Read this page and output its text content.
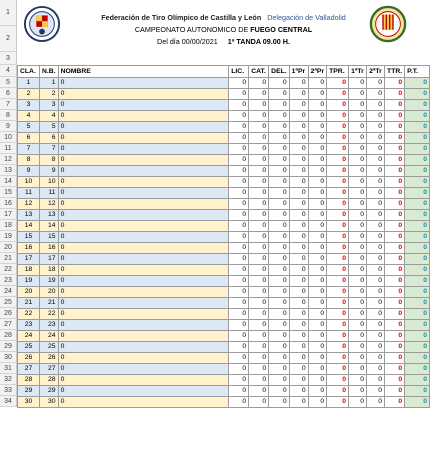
1
2
3
4
5
6
7
8
9
10
11
12
13
14
15
16
17
18
19
20
21
22
23
24
25
26
27
28
29
30
31
32
33
34
Federación de Tiro Olímpico de Castilla y León Delegación de Valladolid
CAMPEONATO AUTONOMICO DE FUEGO CENTRAL
Del día 00/00/2021 1ª TANDA 09.00 H.
CLA.	N.B.	NOMBRE	LIC.	CAT.	DEL.	1ªPr	2ªPr	TPR.	1ªTr	2ªTr	TTR.	P.T.
1	1	0	0	0	0	0	0	0	0	0	0	0
2	2	0	0	0	0	0	0	0	0	0	0	0
3	3	0	0	0	0	0	0	0	0	0	0	0
4	4	0	0	0	0	0	0	0	0	0	0	0
5	5	0	0	0	0	0	0	0	0	0	0	0
6	6	0	0	0	0	0	0	0	0	0	0	0
7	7	0	0	0	0	0	0	0	0	0	0	0
8	8	0	0	0	0	0	0	0	0	0	0	0
9	9	0	0	0	0	0	0	0	0	0	0	0
10	10	0	0	0	0	0	0	0	0	0	0	0
11	11	0	0	0	0	0	0	0	0	0	0	0
12	12	0	0	0	0	0	0	0	0	0	0	0
13	13	0	0	0	0	0	0	0	0	0	0	0
14	14	0	0	0	0	0	0	0	0	0	0	0
15	15	0	0	0	0	0	0	0	0	0	0	0
16	16	0	0	0	0	0	0	0	0	0	0	0
17	17	0	0	0	0	0	0	0	0	0	0	0
18	18	0	0	0	0	0	0	0	0	0	0	0
19	19	0	0	0	0	0	0	0	0	0	0	0
20	20	0	0	0	0	0	0	0	0	0	0	0
21	21	0	0	0	0	0	0	0	0	0	0	0
22	22	0	0	0	0	0	0	0	0	0	0	0
23	23	0	0	0	0	0	0	0	0	0	0	0
24	24	0	0	0	0	0	0	0	0	0	0	0
25	25	0	0	0	0	0	0	0	0	0	0	0
26	26	0	0	0	0	0	0	0	0	0	0	0
27	27	0	0	0	0	0	0	0	0	0	0	0
28	28	0	0	0	0	0	0	0	0	0	0	0
29	29	0	0	0	0	0	0	0	0	0	0	0
30	30	0	0	0	0	0	0	0	0	0	0	0
